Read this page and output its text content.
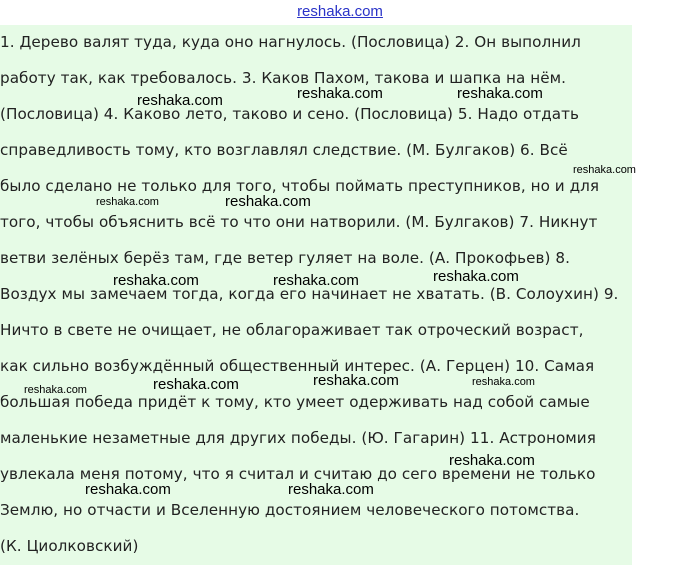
reshaka.com

1. Дерево валят туда, куда оно нагнулось. (Пословица) 2. Он выполнил

работу так, как требовалось. 3. Каков Пахом, такова и шапка на нём.

(Пословица) 4. Каково лето, таково и сено. (Пословица) 5. Надо отдать

справедливость тому, кто возглавлял следствие. (М. Булгаков) 6. Всё

было сделано не только для того, чтобы поймать преступников, но и для

того, чтобы объяснить всё то что они натворили. (М. Булгаков) 7. Никнут

ветви зелёных берёз там, где ветер гуляет на воле. (А. Прокофьев) 8.

Воздух мы замечаем тогда, когда его начинает не хватать. (В. Солоухин) 9.

Ничто в свете не очищает, не облагораживает так отроческий возраст,

как сильно возбуждённый общественный интерес. (А. Герцен) 10. Самая

большая победа придёт к тому, кто умеет одерживать над собой самые

маленькие незаметные для других победы. (Ю. Гагарин) 11. Астрономия

увлекала меня потому, что я считал и считаю до сего времени не только

Землю, но отчасти и Вселенную достоянием человеческого потомства.

(К. Циолковский)

reshaka.com	reshaka.com	reshaka.com
reshaka.com
reshaka.com	reshaka.com
reshaka.com	reshaka.com	reshaka.com
reshaka.com	reshaka.com	reshaka.com	reshaka.com
reshaka.com
reshaka.com	reshaka.com
